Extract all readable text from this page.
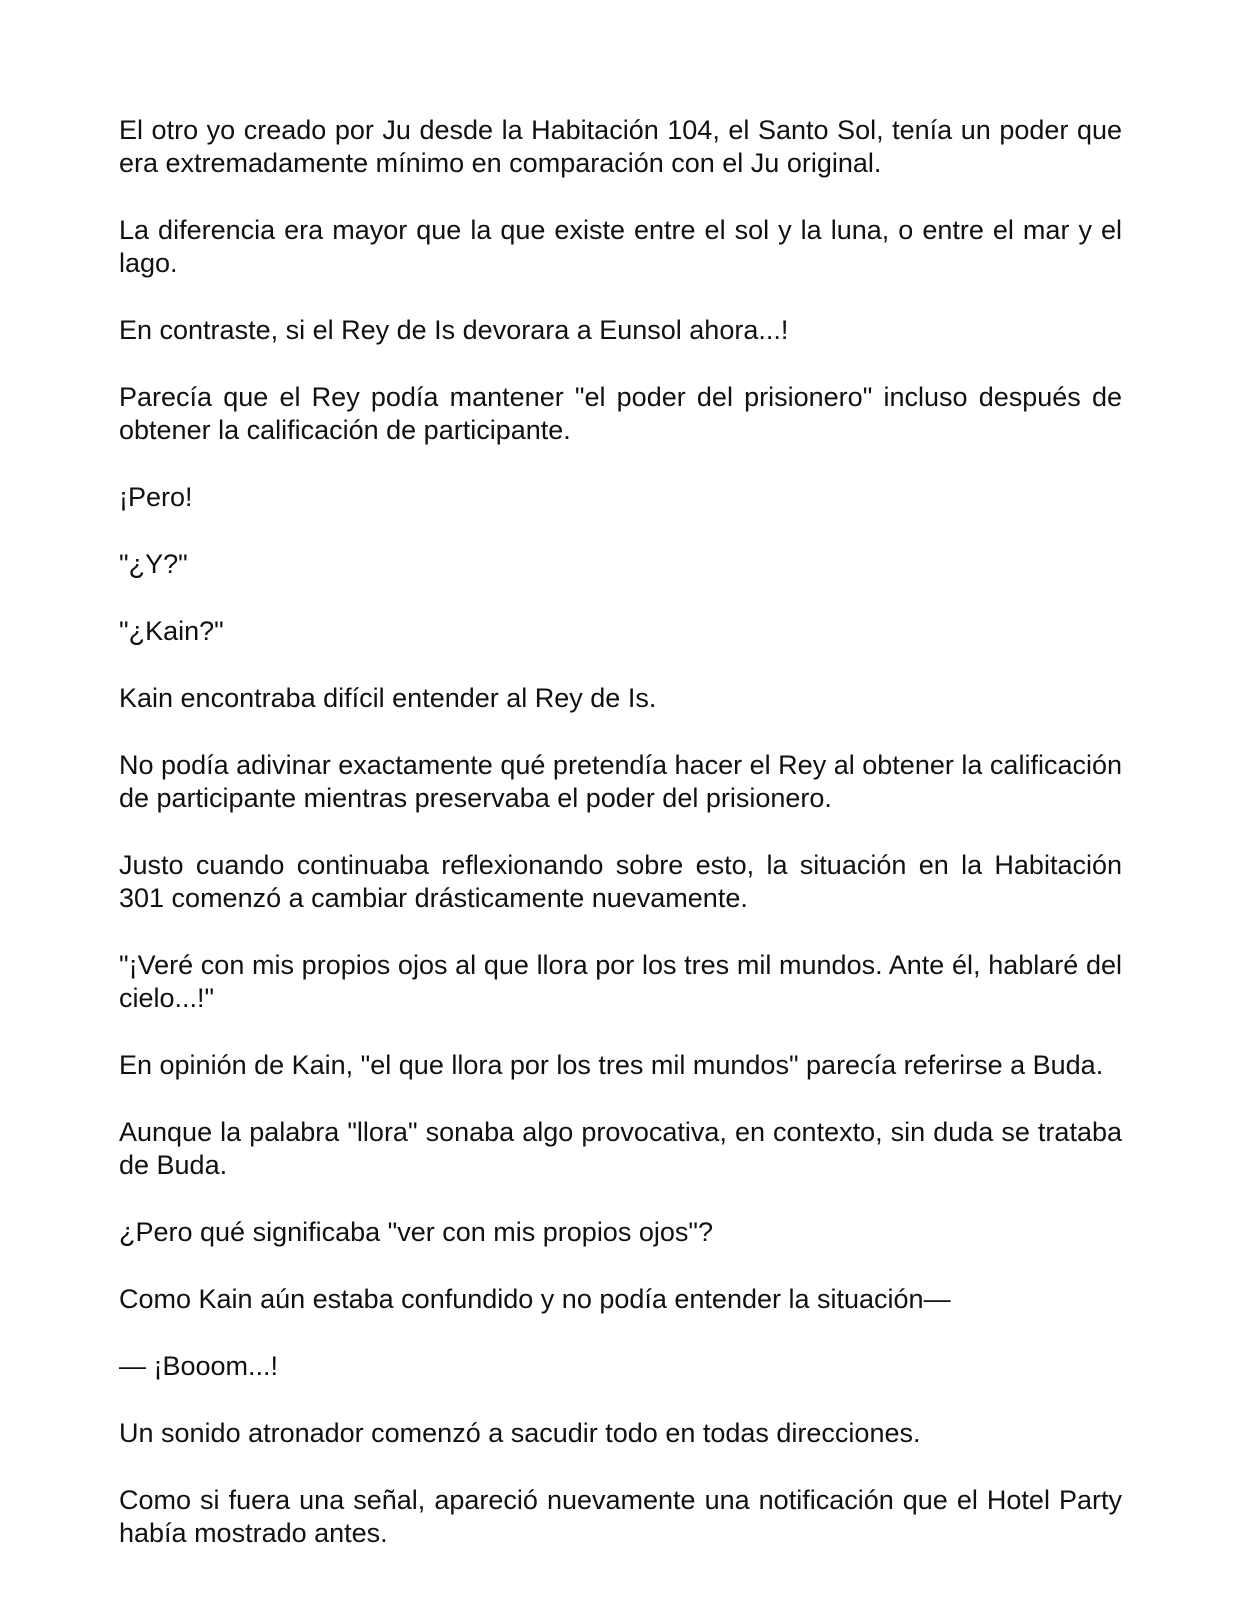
El otro yo creado por Ju desde la Habitación 104, el Santo Sol, tenía un poder que era extremadamente mínimo en comparación con el Ju original.

La diferencia era mayor que la que existe entre el sol y la luna, o entre el mar y el lago.

En contraste, si el Rey de Is devorara a Eunsol ahora...!

Parecía que el Rey podía mantener "el poder del prisionero" incluso después de obtener la calificación de participante.

¡Pero!

"¿Y?"

"¿Kain?"

Kain encontraba difícil entender al Rey de Is.

No podía adivinar exactamente qué pretendía hacer el Rey al obtener la calificación de participante mientras preservaba el poder del prisionero.

Justo cuando continuaba reflexionando sobre esto, la situación en la Habitación 301 comenzó a cambiar drásticamente nuevamente.

"¡Veré con mis propios ojos al que llora por los tres mil mundos. Ante él, hablaré del cielo...!"

En opinión de Kain, "el que llora por los tres mil mundos" parecía referirse a Buda.

Aunque la palabra "llora" sonaba algo provocativa, en contexto, sin duda se trataba de Buda.

¿Pero qué significaba "ver con mis propios ojos"?

Como Kain aún estaba confundido y no podía entender la situación—

— ¡Booom...!

Un sonido atronador comenzó a sacudir todo en todas direcciones.

Como si fuera una señal, apareció nuevamente una notificación que el Hotel Party había mostrado antes.
